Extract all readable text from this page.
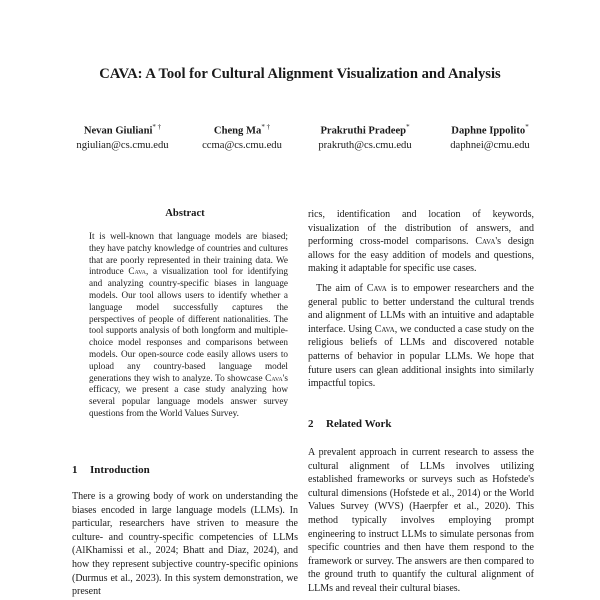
CAVA: A Tool for Cultural Alignment Visualization and Analysis
Nevan Giuliani* †
ngiulian@cs.cmu.edu
Cheng Ma* †
ccma@cs.cmu.edu
Prakruthi Pradeep*
prakruth@cs.cmu.edu
Daphne Ippolito*
daphnei@cmu.edu

Abstract

It is well-known that language models are biased; they have patchy knowledge of countries and cultures that are poorly represented in their training data. We introduce Cava, a visualization tool for identifying and analyzing country-specific biases in language models. Our tool allows users to identify whether a language model successfully captures the perspectives of people of different nationalities. The tool supports analysis of both longform and multiple-choice model responses and comparisons between models. Our open-source code easily allows users to upload any country-based language model generations they wish to analyze. To showcase Cava's efficacy, we present a case study analyzing how several popular language models answer survey questions from the World Values Survey.

1	Introduction

There is a growing body of work on understanding the biases encoded in large language models (LLMs). In particular, researchers have striven to measure the culture- and country-specific competencies of LLMs (AlKhamissi et al., 2024; Bhatt and Diaz, 2024), and how they represent subjective country-specific opinions (Durmus et al., 2023). In this system demonstration, we present

rics, identification and location of keywords, visualization of the distribution of answers, and performing cross-model comparisons. Cava's design allows for the easy addition of models and questions, making it adaptable for specific use cases.

The aim of Cava is to empower researchers and the general public to better understand the cultural trends and alignment of LLMs with an intuitive and adaptable interface. Using Cava, we conducted a case study on the religious beliefs of LLMs and discovered notable patterns of behavior in popular LLMs. We hope that future users can glean additional insights into similarly impactful topics.

2	Related Work

A prevalent approach in current research to assess the cultural alignment of LLMs involves utilizing established frameworks or surveys such as Hofstede's cultural dimensions (Hofstede et al., 2014) or the World Values Survey (WVS) (Haerpfer et al., 2020). This method typically involves employing prompt engineering to instruct LLMs to simulate personas from specific countries and then have them respond to the framework or survey. The answers are then compared to the ground truth to quantify the cultural alignment of LLMs and reveal their cultural biases.
